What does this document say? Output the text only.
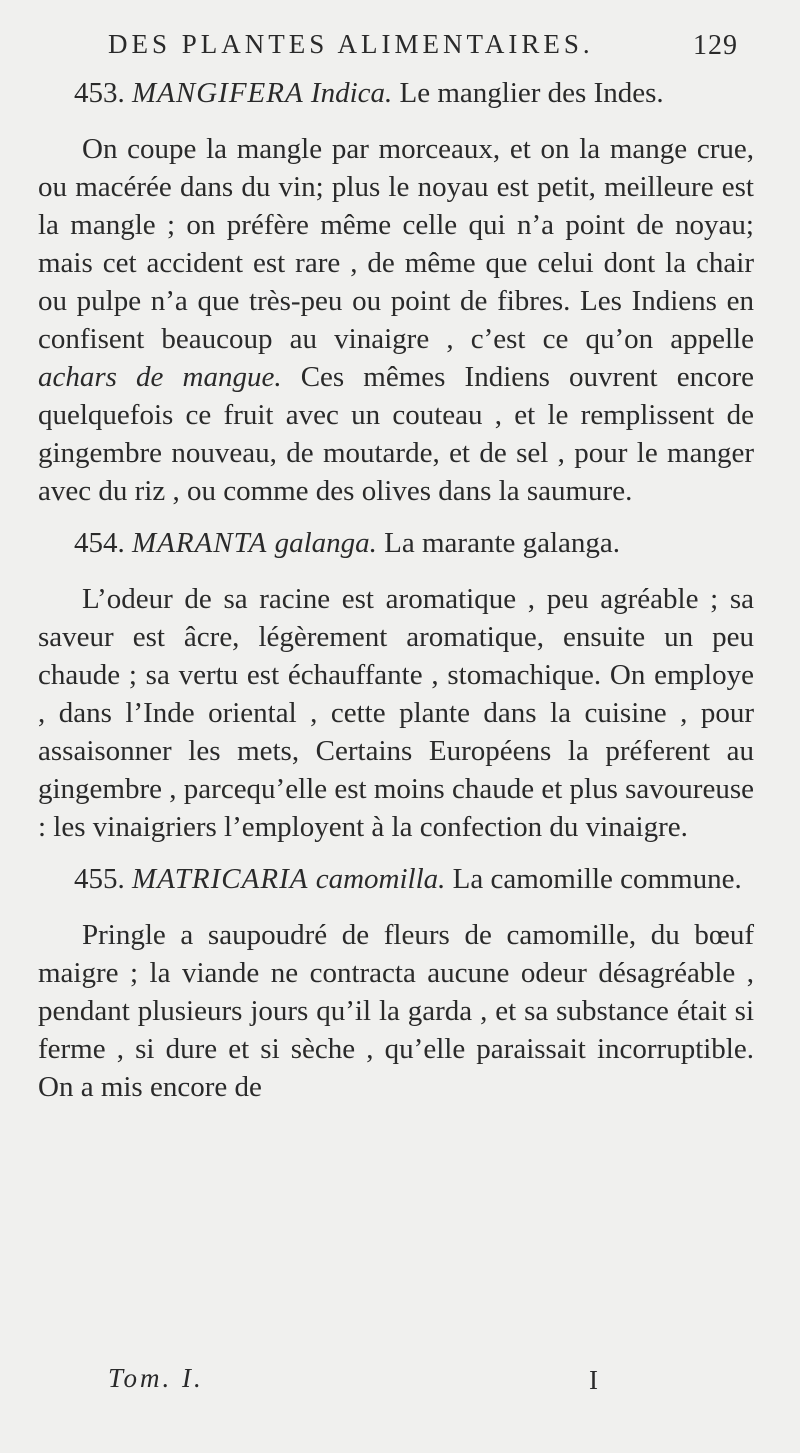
DES PLANTES ALIMENTAIRES.	129

453. MANGIFERA Indica. Le manglier des Indes.

On coupe la mangle par morceaux, et on la mange crue, ou macérée dans du vin; plus le noyau est petit, meilleure est la mangle ; on préfère même celle qui n’a point de noyau; mais cet accident est rare , de même que celui dont la chair ou pulpe n’a que très-peu ou point de fibres. Les Indiens en confisent beaucoup au vinaigre , c’est ce qu’on appelle achars de mangue. Ces mêmes Indiens ouvrent encore quelquefois ce fruit avec un couteau , et le remplissent de gingembre nouveau, de moutarde, et de sel , pour le manger avec du riz , ou comme des olives dans la saumure.

454. MARANTA galanga. La marante galanga.

L’odeur de sa racine est aromatique , peu agréable ; sa saveur est âcre, légèrement aromatique, ensuite un peu chaude ; sa vertu est échauffante , stomachique. On employe , dans l’Inde oriental , cette plante dans la cuisine , pour assaisonner les mets, Certains Européens la préferent au gingembre , parcequ’elle est moins chaude et plus savoureuse : les vinaigriers l’employent à la confection du vinaigre.

455. MATRICARIA camomilla. La camomille commune.

Pringle a saupoudré de fleurs de camomille, du bœuf maigre ; la viande ne contracta aucune odeur désagréable , pendant plusieurs jours qu’il la garda , et sa substance était si ferme , si dure et si sèche , qu’elle paraissait incorruptible. On a mis encore de

Tom. I.	I
